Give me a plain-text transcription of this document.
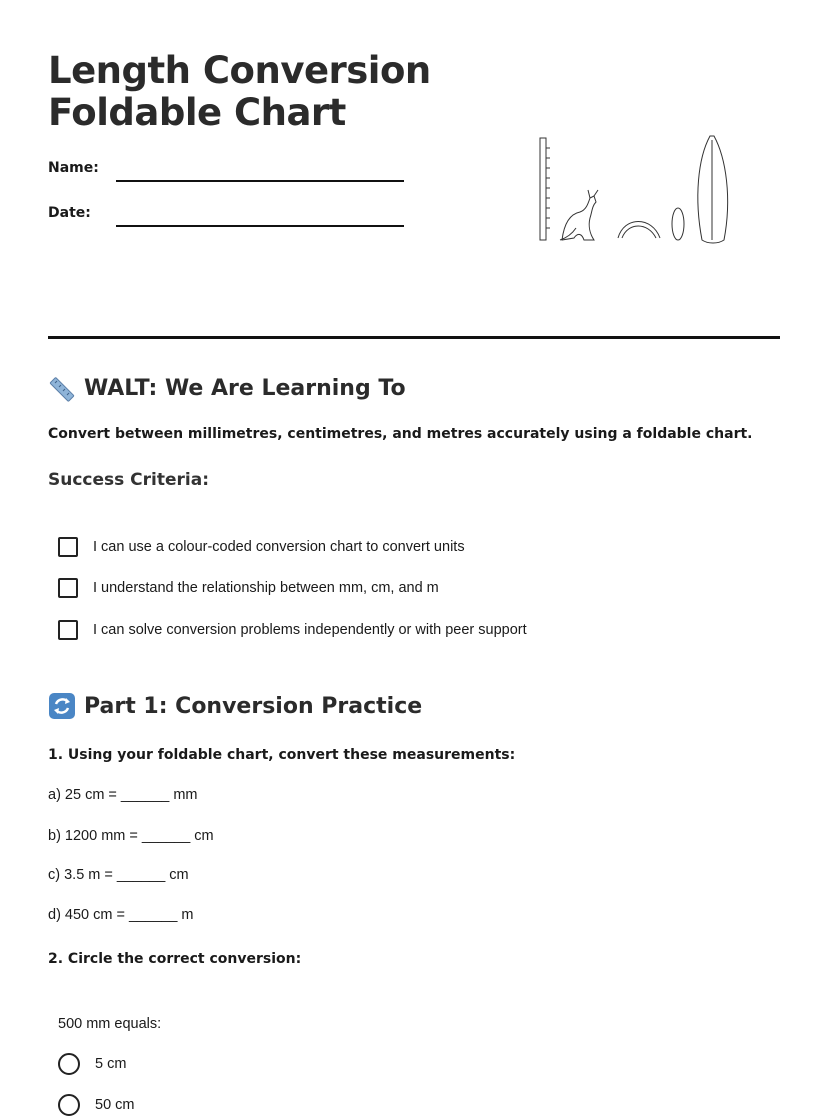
Length Conversion
Foldable Chart
Name:
Date:
WALT: We Are Learning To
Convert between millimetres, centimetres, and metres accurately using a foldable chart.
Success Criteria:
I can use a colour-coded conversion chart to convert units
I understand the relationship between mm, cm, and m
I can solve conversion problems independently or with peer support
Part 1: Conversion Practice
1. Using your foldable chart, convert these measurements:
a) 25 cm = ______ mm
b) 1200 mm = ______ cm
c) 3.5 m = ______ cm
d) 450 cm = ______ m
2. Circle the correct conversion:
500 mm equals:
5 cm
50 cm
